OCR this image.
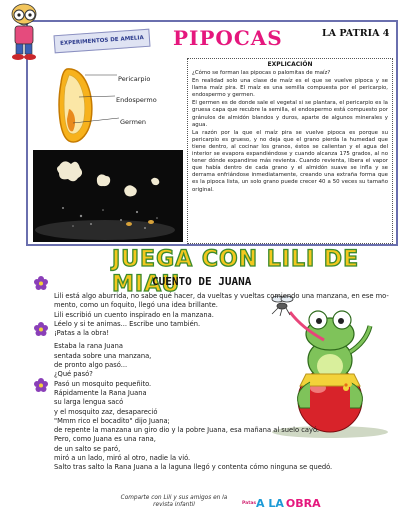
EXPERIMENTOS DE AMELIA	PIPOCAS	LA PATRIA 4
Pericarpio
Endospermo
Germen
EXPLICACIÓN

¿Cómo se forman las pipocas o palomitas de maíz?

En realidad solo una clase de maíz es el que se vuelve pipoca y se llama maíz pira. El maíz es una semilla compuesta por el pericarpio, endospermo y germen.

El germen es de donde sale el vegetal si se plantara, el pericarpio es la gruesa capa que recubre la semilla, el endospermo está compuesto por gránulos de almidón blandos y duros, aparte de algunos minerales y agua.

La razón por la que el maíz pira se vuelve pipoca es porque su pericarpio es grueso, y no deja que el grano pierda la humedad que tiene dentro, al cocinar los granos, éstos se calientan y el agua del interior se evapora expandiéndose y cuando alcanza 175 grados, al no tener dónde expandirse más revienta. Cuando revienta, libera el vapor que había dentro de cada grano y el almidón suave se infla y se derrama enfriándose inmediatamente, creando una extraña forma que es la pipoca lista, un solo grano puede crecer 40 a 50 veces su tamaño original.

JUEGA CON LILI DE MIAU
CUENTO DE JUANA
Lili está algo aburrida, no sabe qué hacer, da vueltas y vueltas comiendo una manzana, en ese mo-
mento, como un foquito, llegó una idea brillante.
Lili escribió un cuento inspirado en la manzana.
Léelo y si te animas... Escribe uno también.
¡Patas a la obra!
Estaba la rana Juana
sentada sobre una manzana,
de pronto algo pasó...
¿Qué pasó?
Pasó un mosquito pequeñito.
Rápidamente la Rana Juana
su larga lengua sacó
y el mosquito zaz, desapareció
"Mmm rico el bocadito" dijo Juana;
de repente la manzana un giro dio y la pobre Juana, esa mañana al suelo cayó.
Pero, como Juana es una rana,
de un salto se paró,
miró a un lado, miró al otro, nadie la vió.
Salto tras salto la Rana Juana a la laguna llegó y contenta cómo ninguna se quedó.
Comparte con Lili y sus amigos en la revista infantil	Patas A LA OBRA
